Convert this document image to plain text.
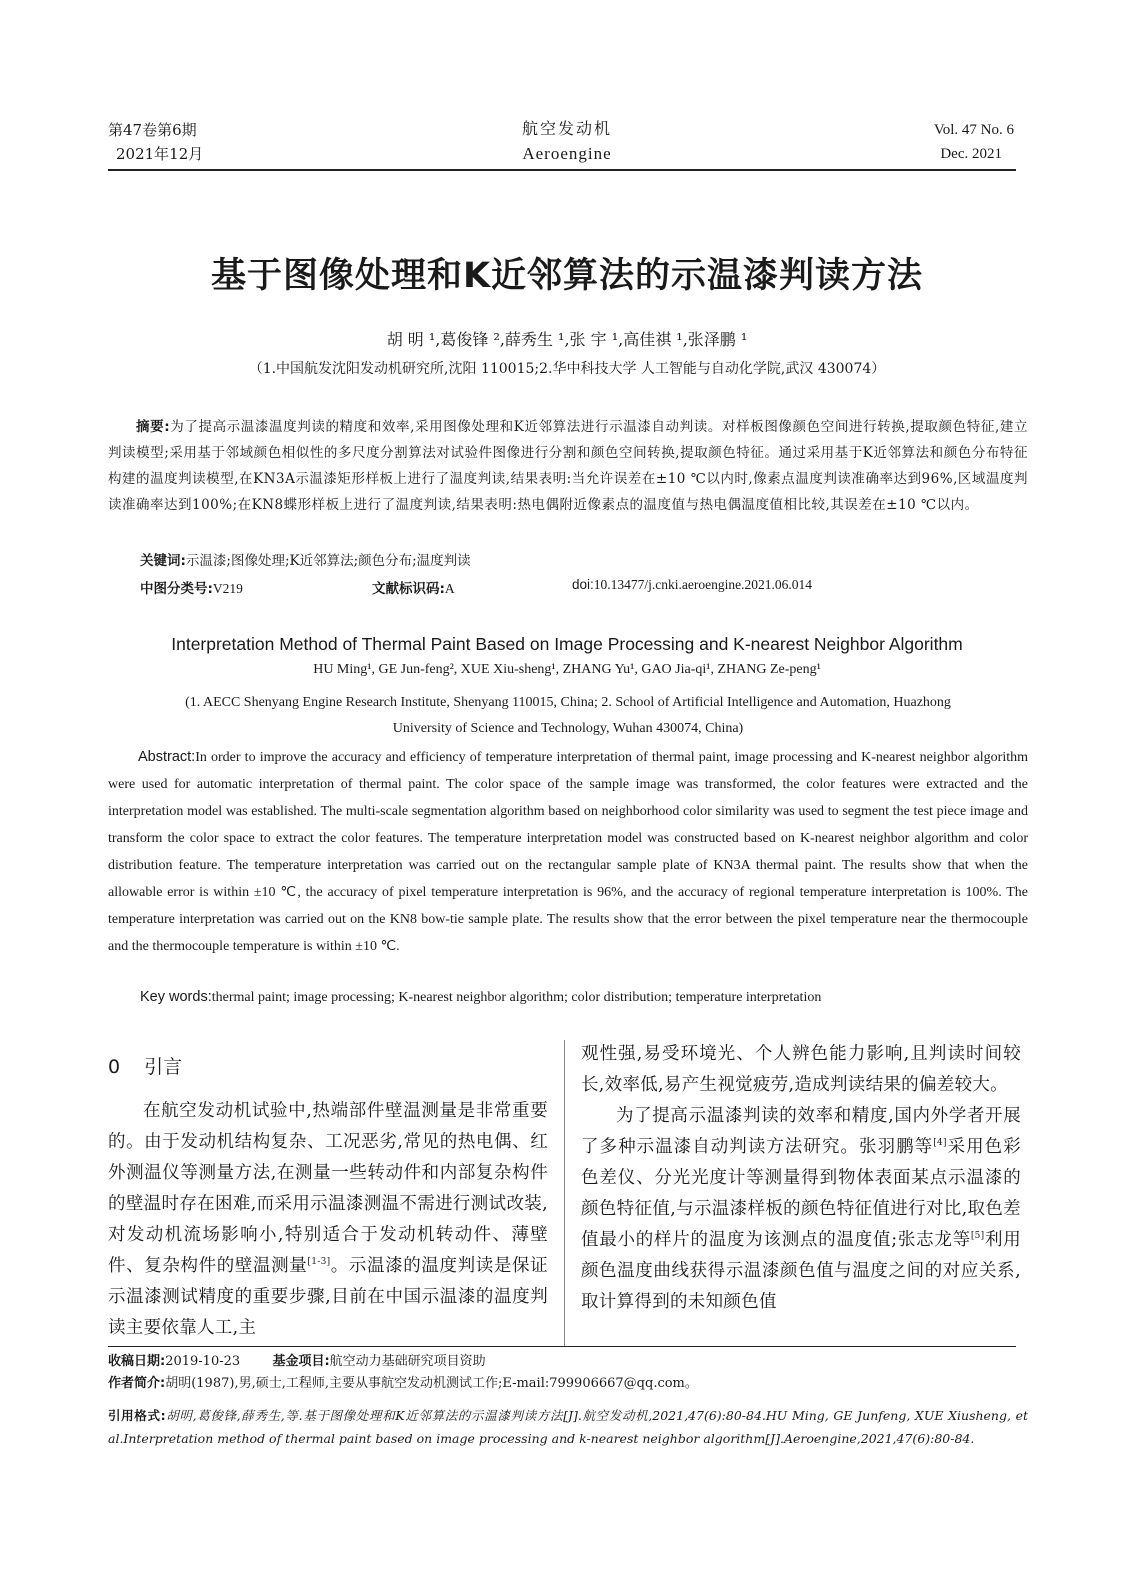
第47卷第6期
2021年12月
航空发动机
Aeroengine
Vol. 47 No. 6
Dec. 2021
基于图像处理和K近邻算法的示温漆判读方法
胡 明 ¹,葛俊锋 ²,薛秀生 ¹,张 宇 ¹,高佳祺 ¹,张泽鹏 ¹
（1.中国航发沈阳发动机研究所,沈阳 110015;2.华中科技大学 人工智能与自动化学院,武汉 430074）
摘要:为了提高示温漆温度判读的精度和效率,采用图像处理和K近邻算法进行示温漆自动判读。对样板图像颜色空间进行转换,提取颜色特征,建立判读模型;采用基于邻域颜色相似性的多尺度分割算法对试验件图像进行分割和颜色空间转换,提取颜色特征。通过采用基于K近邻算法和颜色分布特征构建的温度判读模型,在KN3A示温漆矩形样板上进行了温度判读,结果表明:当允许误差在±10 ℃以内时,像素点温度判读准确率达到96%,区域温度判读准确率达到100%;在KN8蝶形样板上进行了温度判读,结果表明:热电偶附近像素点的温度值与热电偶温度值相比较,其误差在±10 ℃以内。
关键词:示温漆;图像处理;K近邻算法;颜色分布;温度判读
中图分类号:V219	文献标识码:A	doi:10.13477/j.cnki.aeroengine.2021.06.014
Interpretation Method of Thermal Paint Based on Image Processing and K-nearest Neighbor Algorithm
HU Ming¹, GE Jun-feng², XUE Xiu-sheng¹, ZHANG Yu¹, GAO Jia-qi¹, ZHANG Ze-peng¹
(1. AECC Shenyang Engine Research Institute, Shenyang 110015, China; 2. School of Artificial Intelligence and Automation, Huazhong
University of Science and Technology, Wuhan 430074, China)
Abstract:In order to improve the accuracy and efficiency of temperature interpretation of thermal paint, image processing and K-nearest neighbor algorithm were used for automatic interpretation of thermal paint. The color space of the sample image was transformed, the color features were extracted and the interpretation model was established. The multi-scale segmentation algorithm based on neighborhood color similarity was used to segment the test piece image and transform the color space to extract the color features. The temperature interpretation model was constructed based on K-nearest neighbor algorithm and color distribution feature. The temperature interpretation was carried out on the rectangular sample plate of KN3A thermal paint. The results show that when the allowable error is within ±10 ℃, the accuracy of pixel temperature interpretation is 96%, and the accuracy of regional temperature interpretation is 100%. The temperature interpretation was carried out on the KN8 bow-tie sample plate. The results show that the error between the pixel temperature near the thermocouple and the thermocouple temperature is within ±10 ℃.
Key words:thermal paint; image processing; K-nearest neighbor algorithm; color distribution; temperature interpretation
0 引言
在航空发动机试验中,热端部件壁温测量是非常重要的。由于发动机结构复杂、工况恶劣,常见的热电偶、红外测温仪等测量方法,在测量一些转动件和内部复杂构件的壁温时存在困难,而采用示温漆测温不需进行测试改装,对发动机流场影响小,特别适合于发动机转动件、薄壁件、复杂构件的壁温测量[1-3]。示温漆的温度判读是保证示温漆测试精度的重要步骤,目前在中国示温漆的温度判读主要依靠人工,主
观性强,易受环境光、个人辨色能力影响,且判读时间较长,效率低,易产生视觉疲劳,造成判读结果的偏差较大。
为了提高示温漆判读的效率和精度,国内外学者开展了多种示温漆自动判读方法研究。张羽鹏等[4]采用色彩色差仪、分光光度计等测量得到物体表面某点示温漆的颜色特征值,与示温漆样板的颜色特征值进行对比,取色差值最小的样片的温度为该测点的温度值;张志龙等[5]利用颜色温度曲线获得示温漆颜色值与温度之间的对应关系,取计算得到的未知颜色值
收稿日期:2019-10-23 基金项目:航空动力基础研究项目资助
作者简介:胡明(1987),男,硕士,工程师,主要从事航空发动机测试工作;E-mail:799906667@qq.com。
引用格式:胡明,葛俊锋,薛秀生,等.基于图像处理和K近邻算法的示温漆判读方法[J].航空发动机,2021,47(6):80-84.HU Ming, GE Junfeng, XUE Xiusheng, et al.Interpretation method of thermal paint based on image processing and k-nearest neighbor algorithm[J].Aeroengine,2021,47(6):80-84.
